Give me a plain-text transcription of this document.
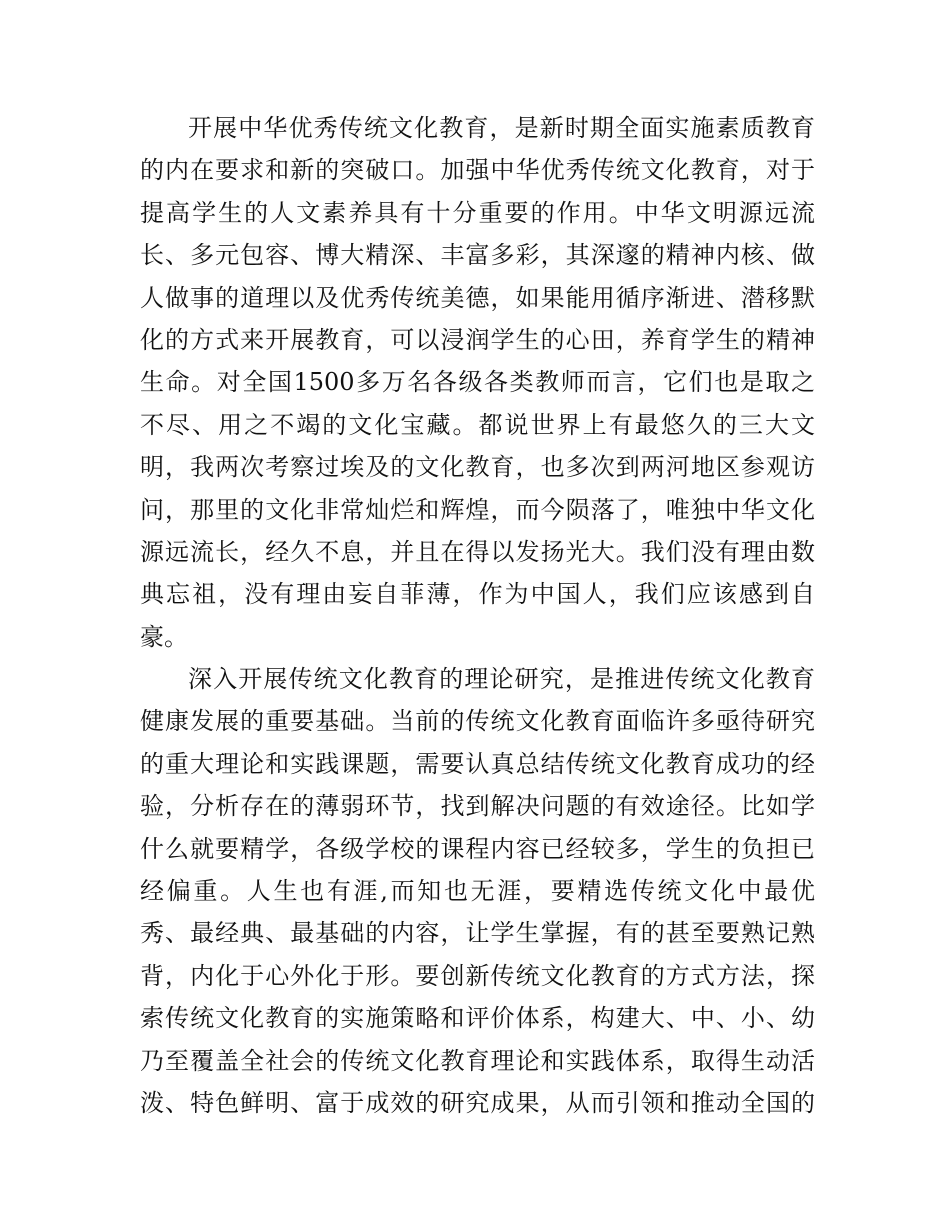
开展中华优秀传统文化教育，是新时期全面实施素质教育
的内在要求和新的突破口。加强中华优秀传统文化教育，对于
提高学生的人文素养具有十分重要的作用。中华文明源远流
长、多元包容、博大精深、丰富多彩，其深邃的精神内核、做
人做事的道理以及优秀传统美德，如果能用循序渐进、潜移默
化的方式来开展教育，可以浸润学生的心田，养育学生的精神
生命。对全国1500多万名各级各类教师而言，它们也是取之
不尽、用之不竭的文化宝藏。都说世界上有最悠久的三大文
明，我两次考察过埃及的文化教育，也多次到两河地区参观访
问，那里的文化非常灿烂和辉煌，而今陨落了，唯独中华文化
源远流长，经久不息，并且在得以发扬光大。我们没有理由数
典忘祖，没有理由妄自菲薄，作为中国人，我们应该感到自
豪。
深入开展传统文化教育的理论研究，是推进传统文化教育
健康发展的重要基础。当前的传统文化教育面临许多亟待研究
的重大理论和实践课题，需要认真总结传统文化教育成功的经
验，分析存在的薄弱环节，找到解决问题的有效途径。比如学
什么就要精学，各级学校的课程内容已经较多，学生的负担已
经偏重。人生也有涯,而知也无涯，要精选传统文化中最优
秀、最经典、最基础的内容，让学生掌握，有的甚至要熟记熟
背，内化于心外化于形。要创新传统文化教育的方式方法，探
索传统文化教育的实施策略和评价体系，构建大、中、小、幼
乃至覆盖全社会的传统文化教育理论和实践体系，取得生动活
泼、特色鲜明、富于成效的研究成果，从而引领和推动全国的
